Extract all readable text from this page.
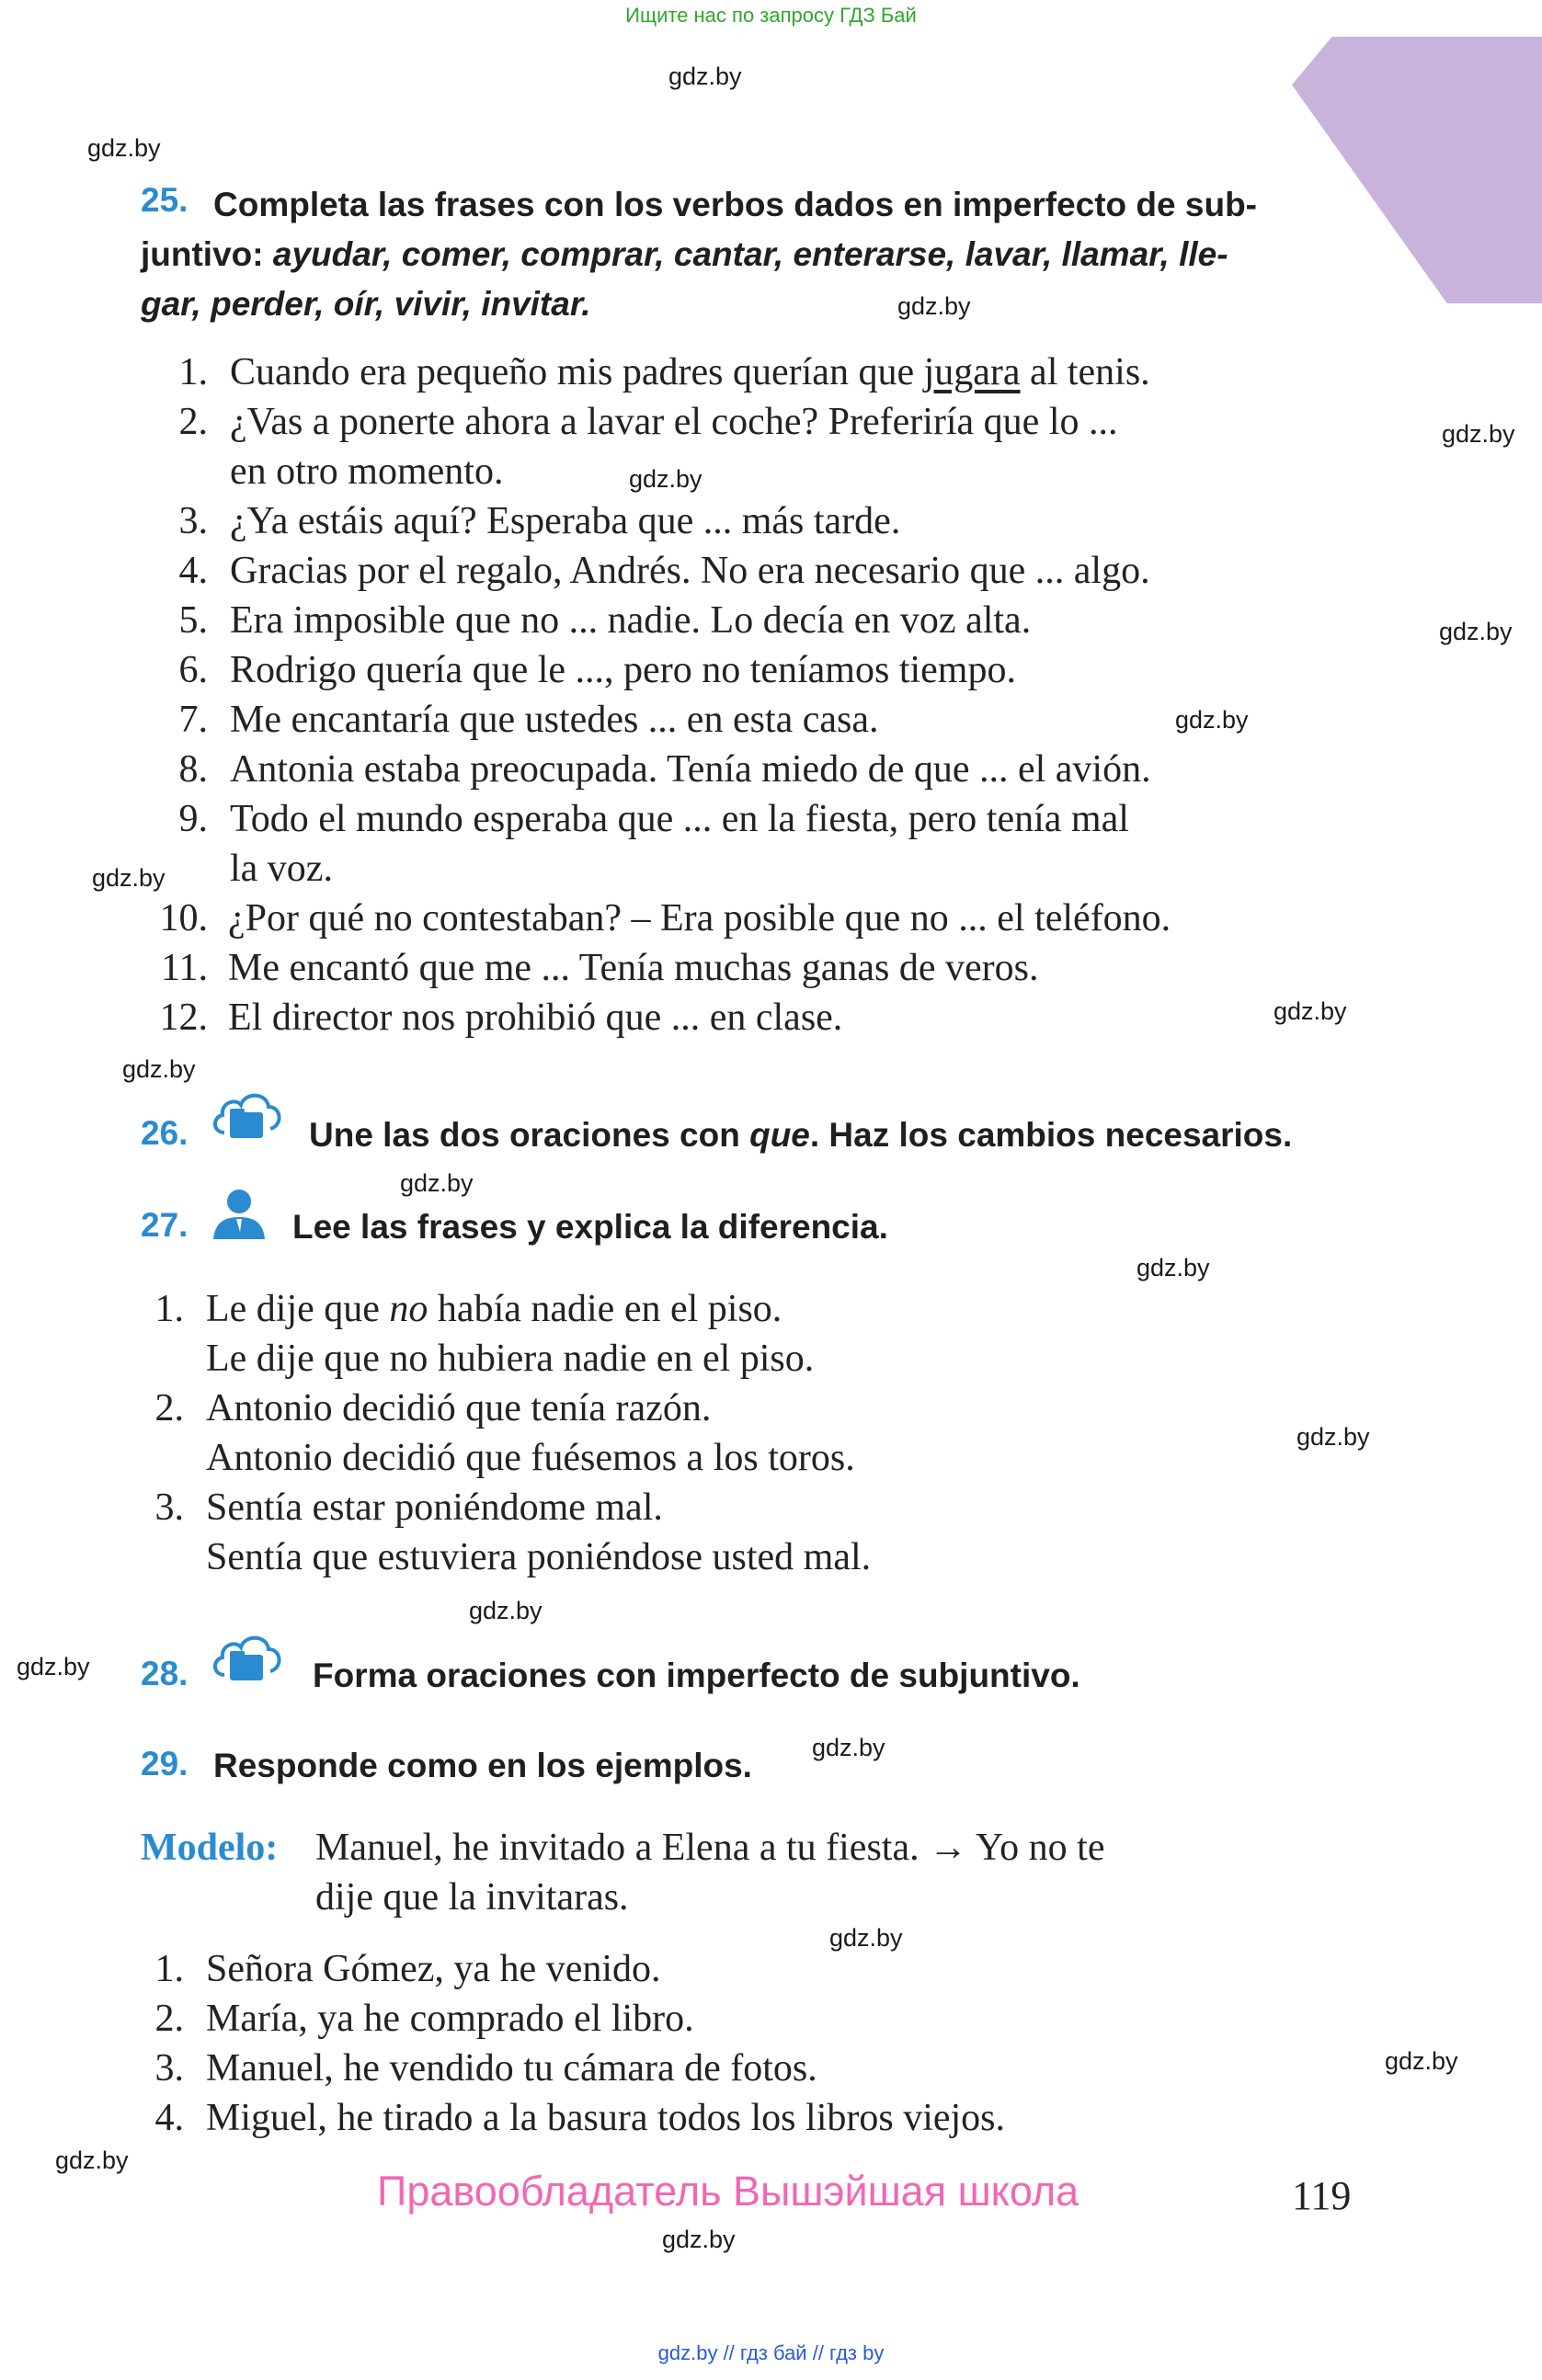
Ищите нас по запросу ГДЗ Бай
gdz.by
gdz.by
gdz.by
gdz.by
gdz.by
gdz.by
gdz.by
gdz.by
gdz.by
gdz.by
gdz.by
gdz.by
gdz.by
gdz.by
gdz.by
gdz.by
gdz.by
gdz.by
gdz.by
gdz.by
25. Completa las frases con los verbos dados en imperfecto de sub-
juntivo: ayudar, comer, comprar, cantar, enterarse, lavar, llamar, lle-
gar, perder, oír, vivir, invitar.
1. Cuando era pequeño mis padres querían que jugara al tenis.
2. ¿Vas a ponerte ahora a lavar el coche? Preferiría que lo ...
en otro momento.
3. ¿Ya estáis aquí? Esperaba que ... más tarde.
4. Gracias por el regalo, Andrés. No era necesario que ... algo.
5. Era imposible que no ... nadie. Lo decía en voz alta.
6. Rodrigo quería que le ..., pero no teníamos tiempo.
7. Me encantaría que ustedes ... en esta casa.
8. Antonia estaba preocupada. Tenía miedo de que ... el avión.
9. Todo el mundo esperaba que ... en la fiesta, pero tenía mal
la voz.
10. ¿Por qué no contestaban? – Era posible que no ... el teléfono.
11. Me encantó que me ... Tenía muchas ganas de veros.
12. El director nos prohibió que ... en clase.
26.	Une las dos oraciones con que. Haz los cambios necesarios.
27.	Lee las frases y explica la diferencia.
1. Le dije que no había nadie en el piso.
Le dije que no hubiera nadie en el piso.
2. Antonio decidió que tenía razón.
Antonio decidió que fuésemos a los toros.
3. Sentía estar poniéndome mal.
Sentía que estuviera poniéndose usted mal.
28.	Forma oraciones con imperfecto de subjuntivo.
29. Responde como en los ejemplos.
Modelo: Manuel, he invitado a Elena a tu fiesta. → Yo no te
dije que la invitaras.
1. Señora Gómez, ya he venido.
2. María, ya he comprado el libro.
3. Manuel, he vendido tu cámara de fotos.
4. Miguel, he tirado a la basura todos los libros viejos.
Правообладатель Вышэйшая школа	119
gdz.by // гдз бай // гдз by
